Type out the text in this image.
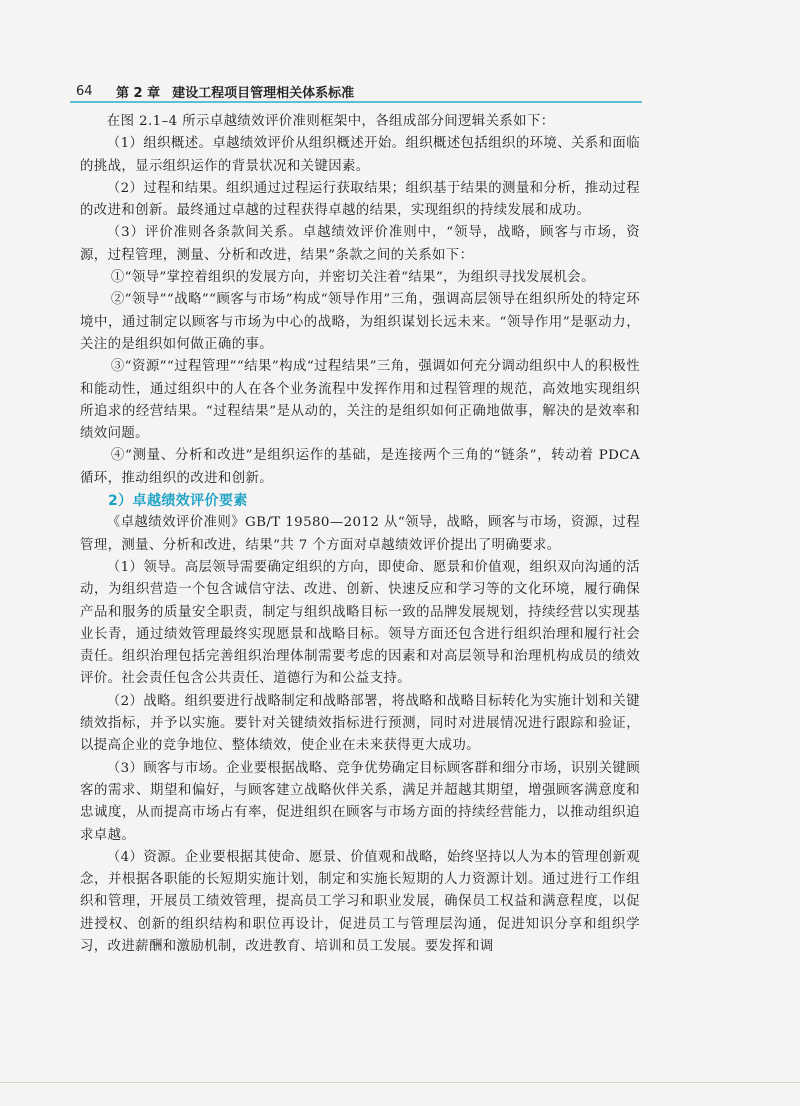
64	第 2 章 建设工程项目管理相关体系标准

在图 2.1–4 所示卓越绩效评价准则框架中，各组成部分间逻辑关系如下：

（1）组织概述。卓越绩效评价从组织概述开始。组织概述包括组织的环境、关系和面临的挑战，显示组织运作的背景状况和关键因素。

（2）过程和结果。组织通过过程运行获取结果；组织基于结果的测量和分析，推动过程的改进和创新。最终通过卓越的过程获得卓越的结果，实现组织的持续发展和成功。

（3）评价准则各条款间关系。卓越绩效评价准则中，“领导，战略，顾客与市场，资源，过程管理，测量、分析和改进，结果”条款之间的关系如下：

①“领导”掌控着组织的发展方向，并密切关注着“结果”，为组织寻找发展机会。

②“领导”“战略”“顾客与市场”构成“领导作用”三角，强调高层领导在组织所处的特定环境中，通过制定以顾客与市场为中心的战略，为组织谋划长远未来。“领导作用”是驱动力，关注的是组织如何做正确的事。

③“资源”“过程管理”“结果”构成“过程结果”三角，强调如何充分调动组织中人的积极性和能动性，通过组织中的人在各个业务流程中发挥作用和过程管理的规范，高效地实现组织所追求的经营结果。“过程结果”是从动的，关注的是组织如何正确地做事，解决的是效率和绩效问题。

④“测量、分析和改进”是组织运作的基础，是连接两个三角的“链条”，转动着 PDCA 循环，推动组织的改进和创新。

2）卓越绩效评价要素

《卓越绩效评价准则》GB/T 19580—2012 从“领导，战略，顾客与市场，资源，过程管理，测量、分析和改进，结果”共 7 个方面对卓越绩效评价提出了明确要求。

（1）领导。高层领导需要确定组织的方向，即使命、愿景和价值观，组织双向沟通的活动，为组织营造一个包含诚信守法、改进、创新、快速反应和学习等的文化环境，履行确保产品和服务的质量安全职责，制定与组织战略目标一致的品牌发展规划，持续经营以实现基业长青，通过绩效管理最终实现愿景和战略目标。领导方面还包含进行组织治理和履行社会责任。组织治理包括完善组织治理体制需要考虑的因素和对高层领导和治理机构成员的绩效评价。社会责任包含公共责任、道德行为和公益支持。

（2）战略。组织要进行战略制定和战略部署，将战略和战略目标转化为实施计划和关键绩效指标，并予以实施。要针对关键绩效指标进行预测，同时对进展情况进行跟踪和验证，以提高企业的竞争地位、整体绩效，使企业在未来获得更大成功。

（3）顾客与市场。企业要根据战略、竞争优势确定目标顾客群和细分市场，识别关键顾客的需求、期望和偏好，与顾客建立战略伙伴关系，满足并超越其期望，增强顾客满意度和忠诚度，从而提高市场占有率，促进组织在顾客与市场方面的持续经营能力，以推动组织追求卓越。

（4）资源。企业要根据其使命、愿景、价值观和战略，始终坚持以人为本的管理创新观念，并根据各职能的长短期实施计划，制定和实施长短期的人力资源计划。通过进行工作组织和管理，开展员工绩效管理，提高员工学习和职业发展，确保员工权益和满意程度，以促进授权、创新的组织结构和职位再设计，促进员工与管理层沟通，促进知识分享和组织学习，改进薪酬和激励机制，改进教育、培训和员工发展。要发挥和调
